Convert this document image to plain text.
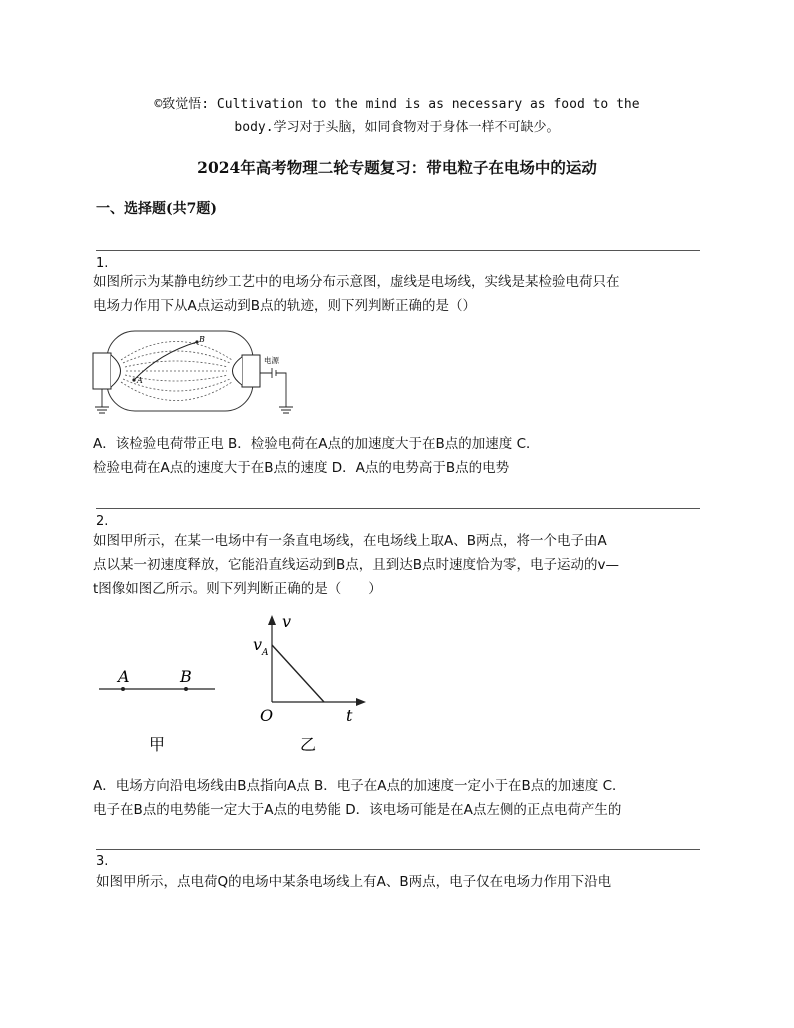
©致觉悟: Cultivation to the mind is as necessary as food to the
body.学习对于头脑，如同食物对于身体一样不可缺少。
2024年高考物理二轮专题复习：带电粒子在电场中的运动
一、选择题(共7题)
1.
如图所示为某静电纺纱工艺中的电场分布示意图，虚线是电场线，实线是某检验电荷只在
电场力作用下从A点运动到B点的轨迹，则下列判断正确的是（）
A
B
电源
A．该检验电荷带正电 B．检验电荷在A点的加速度大于在B点的加速度 C．
检验电荷在A点的速度大于在B点的速度 D．A点的电势高于B点的电势
2.
如图甲所示，在某一电场中有一条直电场线，在电场线上取A、B两点，将一个电子由A
点以某一初速度释放，它能沿直线运动到B点，且到达B点时速度恰为零，电子运动的v—
t图像如图乙所示。则下列判断正确的是（　　）
A	B
甲
v
t
O
v A
乙
A．电场方向沿电场线由B点指向A点 B．电子在A点的加速度一定小于在B点的加速度 C．
电子在B点的电势能一定大于A点的电势能 D．该电场可能是在A点左侧的正点电荷产生的
3.
如图甲所示，点电荷Q的电场中某条电场线上有A、B两点，电子仅在电场力作用下沿电
